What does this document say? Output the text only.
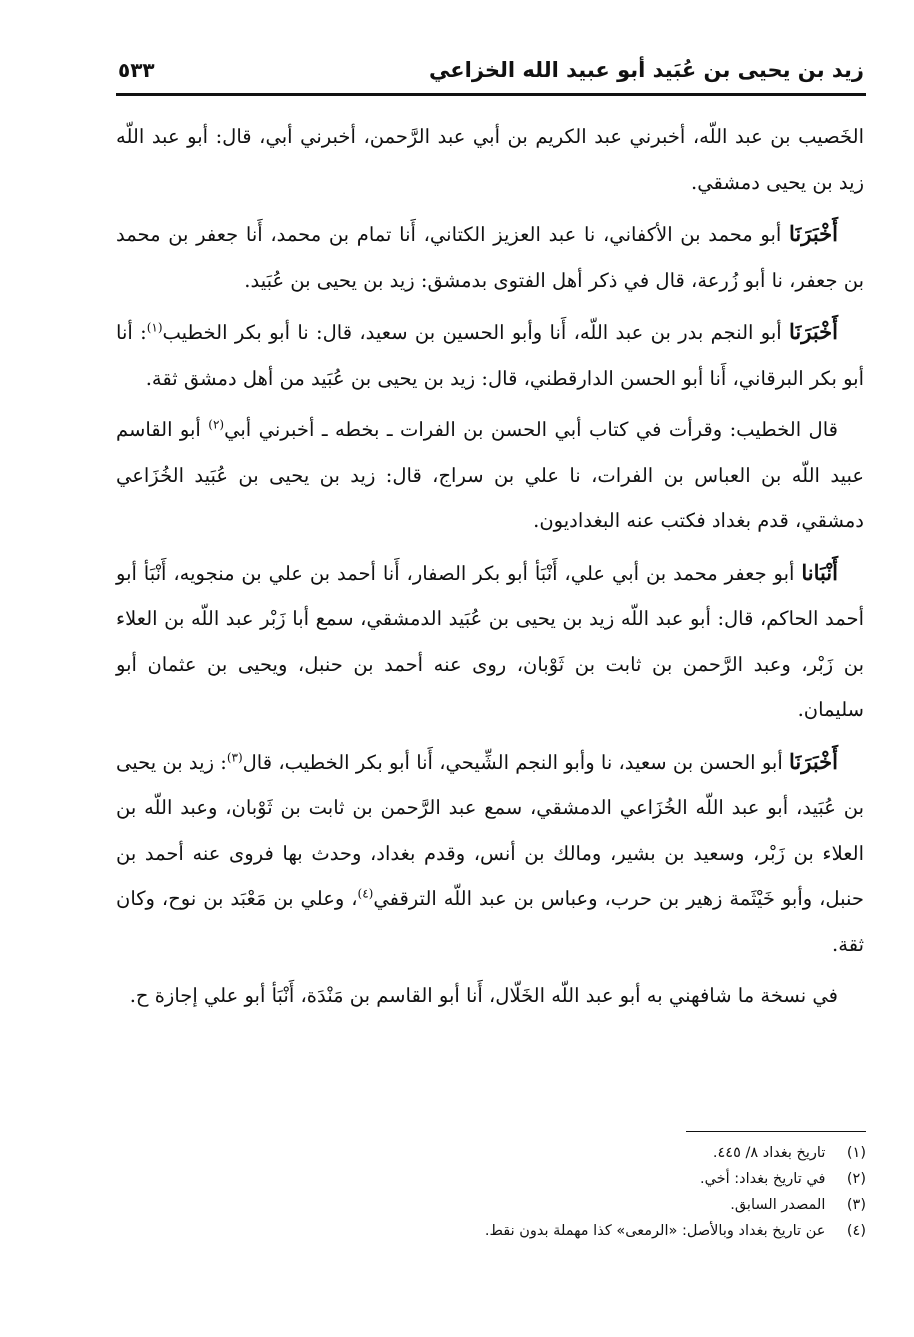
زيد بن يحيى بن عُبَيد أبو عبيد الله الخزاعي
٥٣٣

الخَصيب بن عبد اللّه، أخبرني عبد الكريم بن أبي عبد الرَّحمن، أخبرني أبي، قال: أبو عبد اللّه زيد بن يحيى دمشقي.

أَخْبَرَنَا أبو محمد بن الأكفاني، نا عبد العزيز الكتاني، أَنا تمام بن محمد، أَنا جعفر بن محمد بن جعفر، نا أبو زُرعة، قال في ذكر أهل الفتوى بدمشق: زيد بن يحيى بن عُبَيد.

أَخْبَرَنَا أبو النجم بدر بن عبد اللّه، أَنا وأبو الحسين بن سعيد، قال: نا أبو بكر الخطيب$^{(١)}$: أنا أبو بكر البرقاني، أَنا أبو الحسن الدارقطني، قال: زيد بن يحيى بن عُبَيد من أهل دمشق ثقة.

قال الخطيب: وقرأت في كتاب أبي الحسن بن الفرات ـ بخطه ـ أخبرني أبي$^{(٢)}$ أبو القاسم عبيد اللّه بن العباس بن الفرات، نا علي بن سراج، قال: زيد بن يحيى بن عُبَيد الخُزَاعي دمشقي، قدم بغداد فكتب عنه البغداديون.

أَنْبَانا أبو جعفر محمد بن أبي علي، أَنْبَأ أبو بكر الصفار، أَنا أحمد بن علي بن منجويه، أَنْبَأ أبو أحمد الحاكم، قال: أبو عبد اللّه زيد بن يحيى بن عُبَيد الدمشقي، سمع أبا زَبْر عبد اللّه بن العلاء بن زَبْر، وعبد الرَّحمن بن ثابت بن ثَوْبان، روى عنه أحمد بن حنبل، ويحيى بن عثمان أبو سليمان.

أَخْبَرَنَا أبو الحسن بن سعيد، نا وأبو النجم الشِّيحي، أَنا أبو بكر الخطيب، قال$^{(٣)}$: زيد بن يحيى بن عُبَيد، أبو عبد اللّه الخُزَاعي الدمشقي، سمع عبد الرَّحمن بن ثابت بن ثَوْبان، وعبد اللّه بن العلاء بن زَبْر، وسعيد بن بشير، ومالك بن أنس، وقدم بغداد، وحدث بها فروى عنه أحمد بن حنبل، وأبو خَيْثَمة زهير بن حرب، وعباس بن عبد اللّه الترقفي$^{(٤)}$، وعلي بن مَعْبَد بن نوح، وكان ثقة.

في نسخة ما شافهني به أبو عبد اللّه الخَلّال، أَنا أبو القاسم بن مَنْدَة، أَنْبَأ أبو علي إجازة ح.

(١) تاريخ بغداد ٨/ ٤٤٥.
(٢) في تاريخ بغداد: أخي.
(٣) المصدر السابق.
(٤) عن تاريخ بغداد وبالأصل: «الرمعى» كذا مهملة بدون نقط.
